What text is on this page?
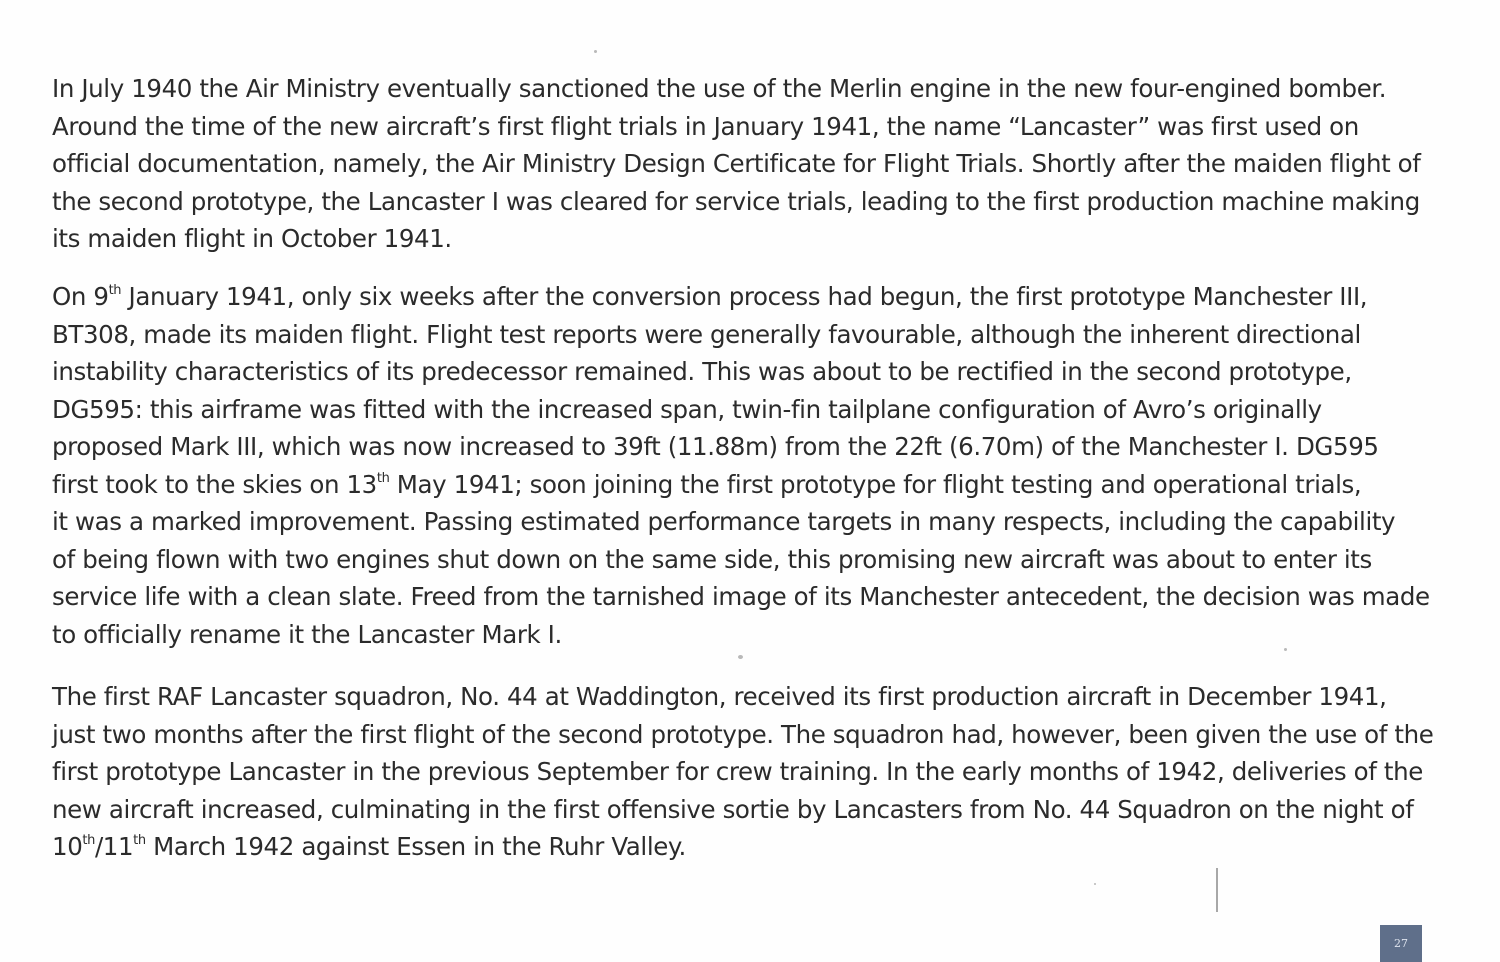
In July 1940 the Air Ministry eventually sanctioned the use of the Merlin engine in the new four-engined bomber.
Around the time of the new aircraft’s first flight trials in January 1941, the name “Lancaster” was first used on
official documentation, namely, the Air Ministry Design Certificate for Flight Trials. Shortly after the maiden flight of
the second prototype, the Lancaster I was cleared for service trials, leading to the first production machine making
its maiden flight in October 1941.

On 9th January 1941, only six weeks after the conversion process had begun, the first prototype Manchester III,
BT308, made its maiden flight. Flight test reports were generally favourable, although the inherent directional
instability characteristics of its predecessor remained. This was about to be rectified in the second prototype,
DG595: this airframe was fitted with the increased span, twin-fin tailplane configuration of Avro’s originally
proposed Mark III, which was now increased to 39ft (11.88m) from the 22ft (6.70m) of the Manchester I. DG595
first took to the skies on 13th May 1941; soon joining the first prototype for flight testing and operational trials,
it was a marked improvement. Passing estimated performance targets in many respects, including the capability
of being flown with two engines shut down on the same side, this promising new aircraft was about to enter its
service life with a clean slate. Freed from the tarnished image of its Manchester antecedent, the decision was made
to officially rename it the Lancaster Mark I.

The first RAF Lancaster squadron, No. 44 at Waddington, received its first production aircraft in December 1941,
just two months after the first flight of the second prototype. The squadron had, however, been given the use of the
first prototype Lancaster in the previous September for crew training. In the early months of 1942, deliveries of the
new aircraft increased, culminating in the first offensive sortie by Lancasters from No. 44 Squadron on the night of
10th/11th March 1942 against Essen in the Ruhr Valley.

27
